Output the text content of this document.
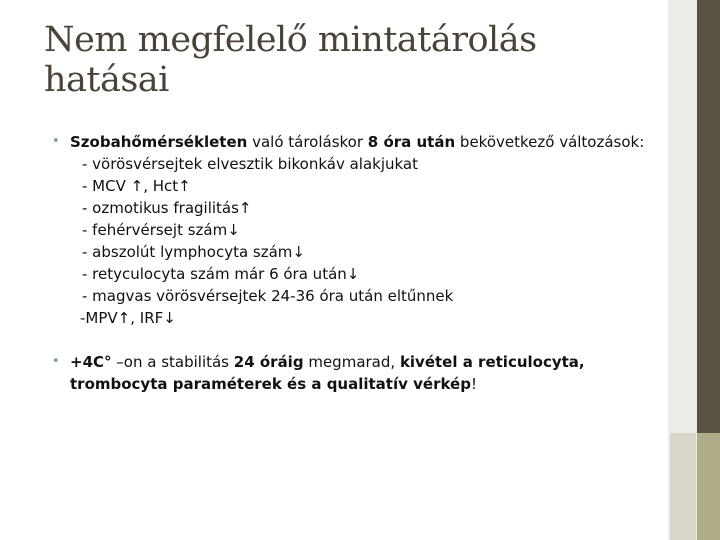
Nem megfelelő mintatárolás
hatásai
• Szobahőmérsékleten való tároláskor 8 óra után bekövetkező változások:
- vörösvérsejtek elvesztik bikonkáv alakjukat
- MCV ↑, Hct↑
- ozmotikus fragilitás↑
- fehérvérsejt szám↓
- abszolút lymphocyta szám↓
- retyculocyta szám már 6 óra után↓
- magvas vörösvérsejtek 24-36 óra után eltűnnek
-MPV↑, IRF↓
• +4C° –on a stabilitás 24 óráig megmarad, kivétel a reticulocyta, trombocyta paraméterek és a qualitatív vérkép!
